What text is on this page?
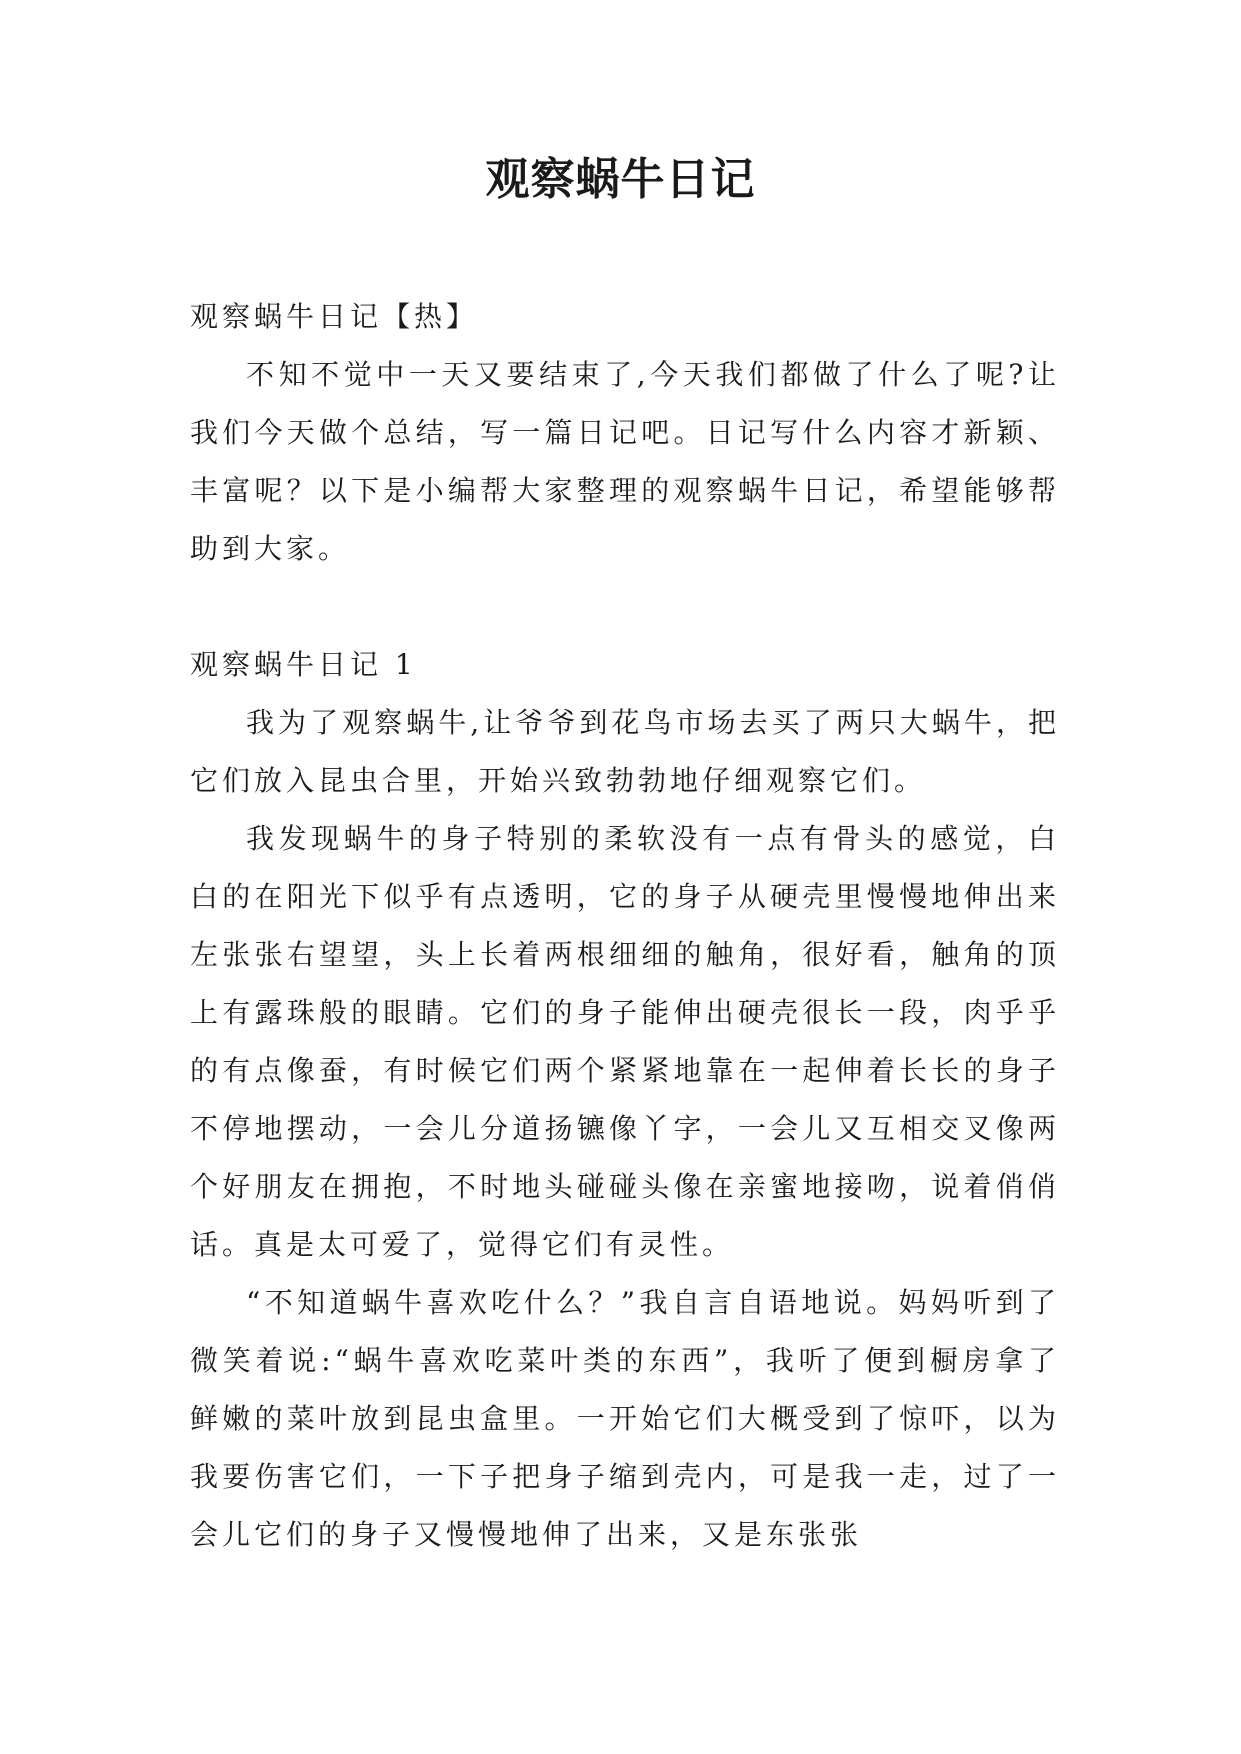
观察蜗牛日记

观察蜗牛日记【热】

不知不觉中一天又要结束了,今天我们都做了什么了呢?让我们今天做个总结，写一篇日记吧。日记写什么内容才新颖、丰富呢？以下是小编帮大家整理的观察蜗牛日记，希望能够帮助到大家。

观察蜗牛日记 1

我为了观察蜗牛,让爷爷到花鸟市场去买了两只大蜗牛，把它们放入昆虫合里，开始兴致勃勃地仔细观察它们。

我发现蜗牛的身子特别的柔软没有一点有骨头的感觉，白白的在阳光下似乎有点透明，它的身子从硬壳里慢慢地伸出来左张张右望望，头上长着两根细细的触角，很好看，触角的顶上有露珠般的眼睛。它们的身子能伸出硬壳很长一段，肉乎乎的有点像蚕，有时候它们两个紧紧地靠在一起伸着长长的身子不停地摆动，一会儿分道扬镳像丫字，一会儿又互相交叉像两个好朋友在拥抱，不时地头碰碰头像在亲蜜地接吻，说着俏俏话。真是太可爱了，觉得它们有灵性。

“不知道蜗牛喜欢吃什么？”我自言自语地说。妈妈听到了微笑着说:“蜗牛喜欢吃菜叶类的东西”，我听了便到橱房拿了鲜嫩的菜叶放到昆虫盒里。一开始它们大概受到了惊吓，以为我要伤害它们，一下子把身子缩到壳内，可是我一走，过了一会儿它们的身子又慢慢地伸了出来，又是东张张
